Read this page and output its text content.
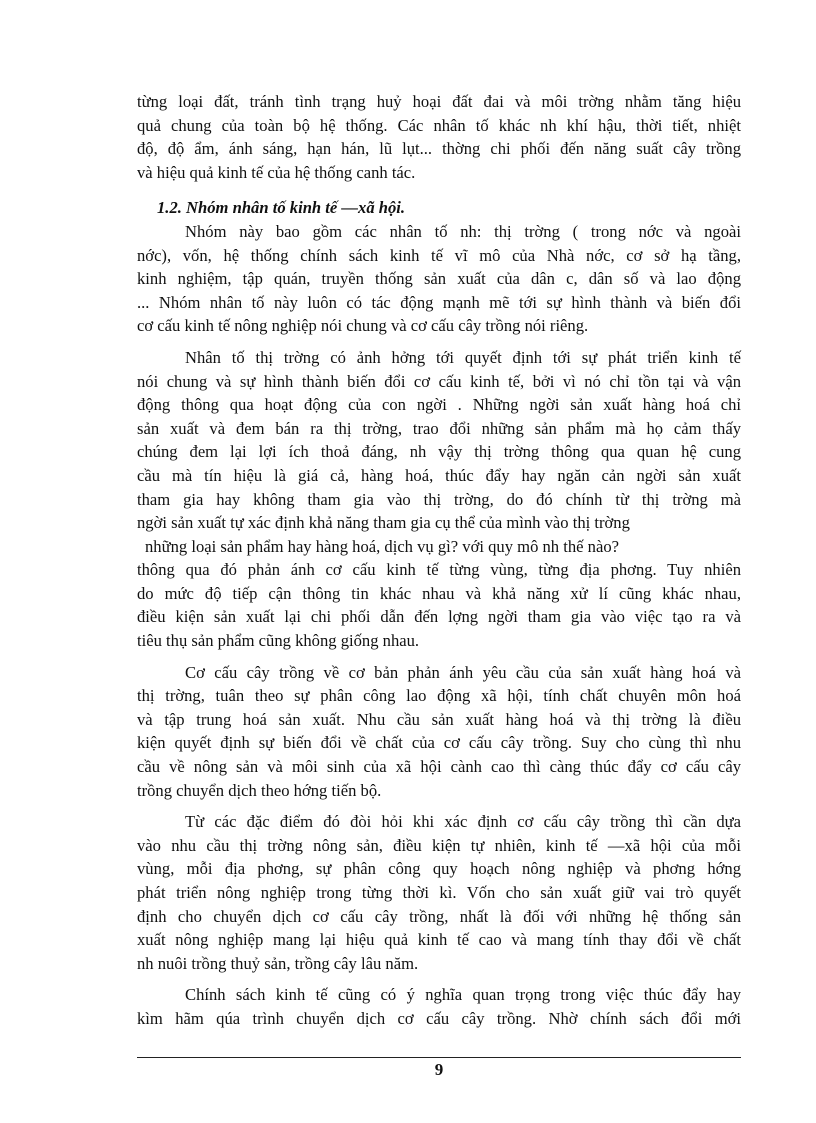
từng loại đất, tránh tình trạng huỷ hoại đất đai và môi trờng nhằm tăng hiệu
quả chung của toàn bộ hệ thống. Các nhân tố khác nh khí hậu, thời tiết, nhiệt
độ, độ ẩm, ánh sáng, hạn hán, lũ lụt... thờng chi phối đến năng suất cây trồng
và hiệu quả kinh tế của hệ thống canh tác.
1.2. Nhóm nhân tố kinh tế —xã hội.
Nhóm này bao gồm các nhân tố nh: thị trờng ( trong nớc và ngoài
nớc), vốn, hệ thống chính sách kinh tế vĩ mô của Nhà nớc, cơ sở hạ tầng,
kinh nghiệm, tập quán, truyền thống sản xuất của dân c, dân số và lao động
... Nhóm nhân tố này luôn có tác động mạnh mẽ tới sự hình thành và biến đổi
cơ cấu kinh tế nông nghiệp nói chung và cơ cấu cây trồng nói riêng.
Nhân tố thị trờng có ảnh hởng tới quyết định tới sự phát triển kinh tế
nói chung và sự hình thành biến đổi cơ cấu kinh tế, bởi vì nó chỉ tồn tại và vận
động thông qua hoạt động của con ngời . Những ngời sản xuất hàng hoá chỉ
sản xuất và đem bán ra thị trờng, trao đổi những sản phẩm mà họ cảm thấy
chúng đem lại lợi ích thoả đáng, nh vậy thị trờng thông qua quan hệ cung
cầu mà tín hiệu là giá cả, hàng hoá, thúc đẩy hay ngăn cản ngời sản xuất
tham gia hay không tham gia vào thị trờng, do đó chính từ thị trờng mà
ngời sản xuất tự xác định khả năng tham gia cụ thể của mình vào thị trờng
những loại sản phẩm hay hàng hoá, dịch vụ gì? với quy mô nh thế nào?
thông qua đó phản ánh cơ cấu kinh tế từng vùng, từng địa phơng. Tuy nhiên
do mức độ tiếp cận thông tin khác nhau và khả năng xử lí cũng khác nhau,
điều kiện sản xuất lại chi phối dẫn đến lợng ngời tham gia vào việc tạo ra và
tiêu thụ sản phẩm cũng không giống nhau.
Cơ cấu cây trồng về cơ bản phản ánh yêu cầu của sản xuất hàng hoá và
thị trờng, tuân theo sự phân công lao động xã hội, tính chất chuyên môn hoá
và tập trung hoá sản xuất. Nhu cầu sản xuất hàng hoá và thị trờng là điều
kiện quyết định sự biến đổi về chất của cơ cấu cây trồng. Suy cho cùng thì nhu
cầu về nông sản và môi sinh của xã hội cành cao thì càng thúc đẩy cơ cấu cây
trồng chuyển dịch theo hớng tiến bộ.
Từ các đặc điểm đó đòi hỏi khi xác định cơ cấu cây trồng thì cần dựa
vào nhu cầu thị trờng nông sản, điều kiện tự nhiên, kinh tế —xã hội của mỗi
vùng, mỗi địa phơng, sự phân công quy hoạch nông nghiệp và phơng hớng
phát triển nông nghiệp trong từng thời kì. Vốn cho sản xuất giữ vai trò quyết
định cho chuyển dịch cơ cấu cây trồng, nhất là đối với những hệ thống sản
xuất nông nghiệp mang lại hiệu quả kinh tế cao và mang tính thay đổi về chất
nh nuôi trồng thuỷ sản, trồng cây lâu năm.
Chính sách kinh tế cũng có ý nghĩa quan trọng trong việc thúc đẩy hay
kìm hãm qúa trình chuyển dịch cơ cấu cây trồng. Nhờ chính sách đổi mới
9
